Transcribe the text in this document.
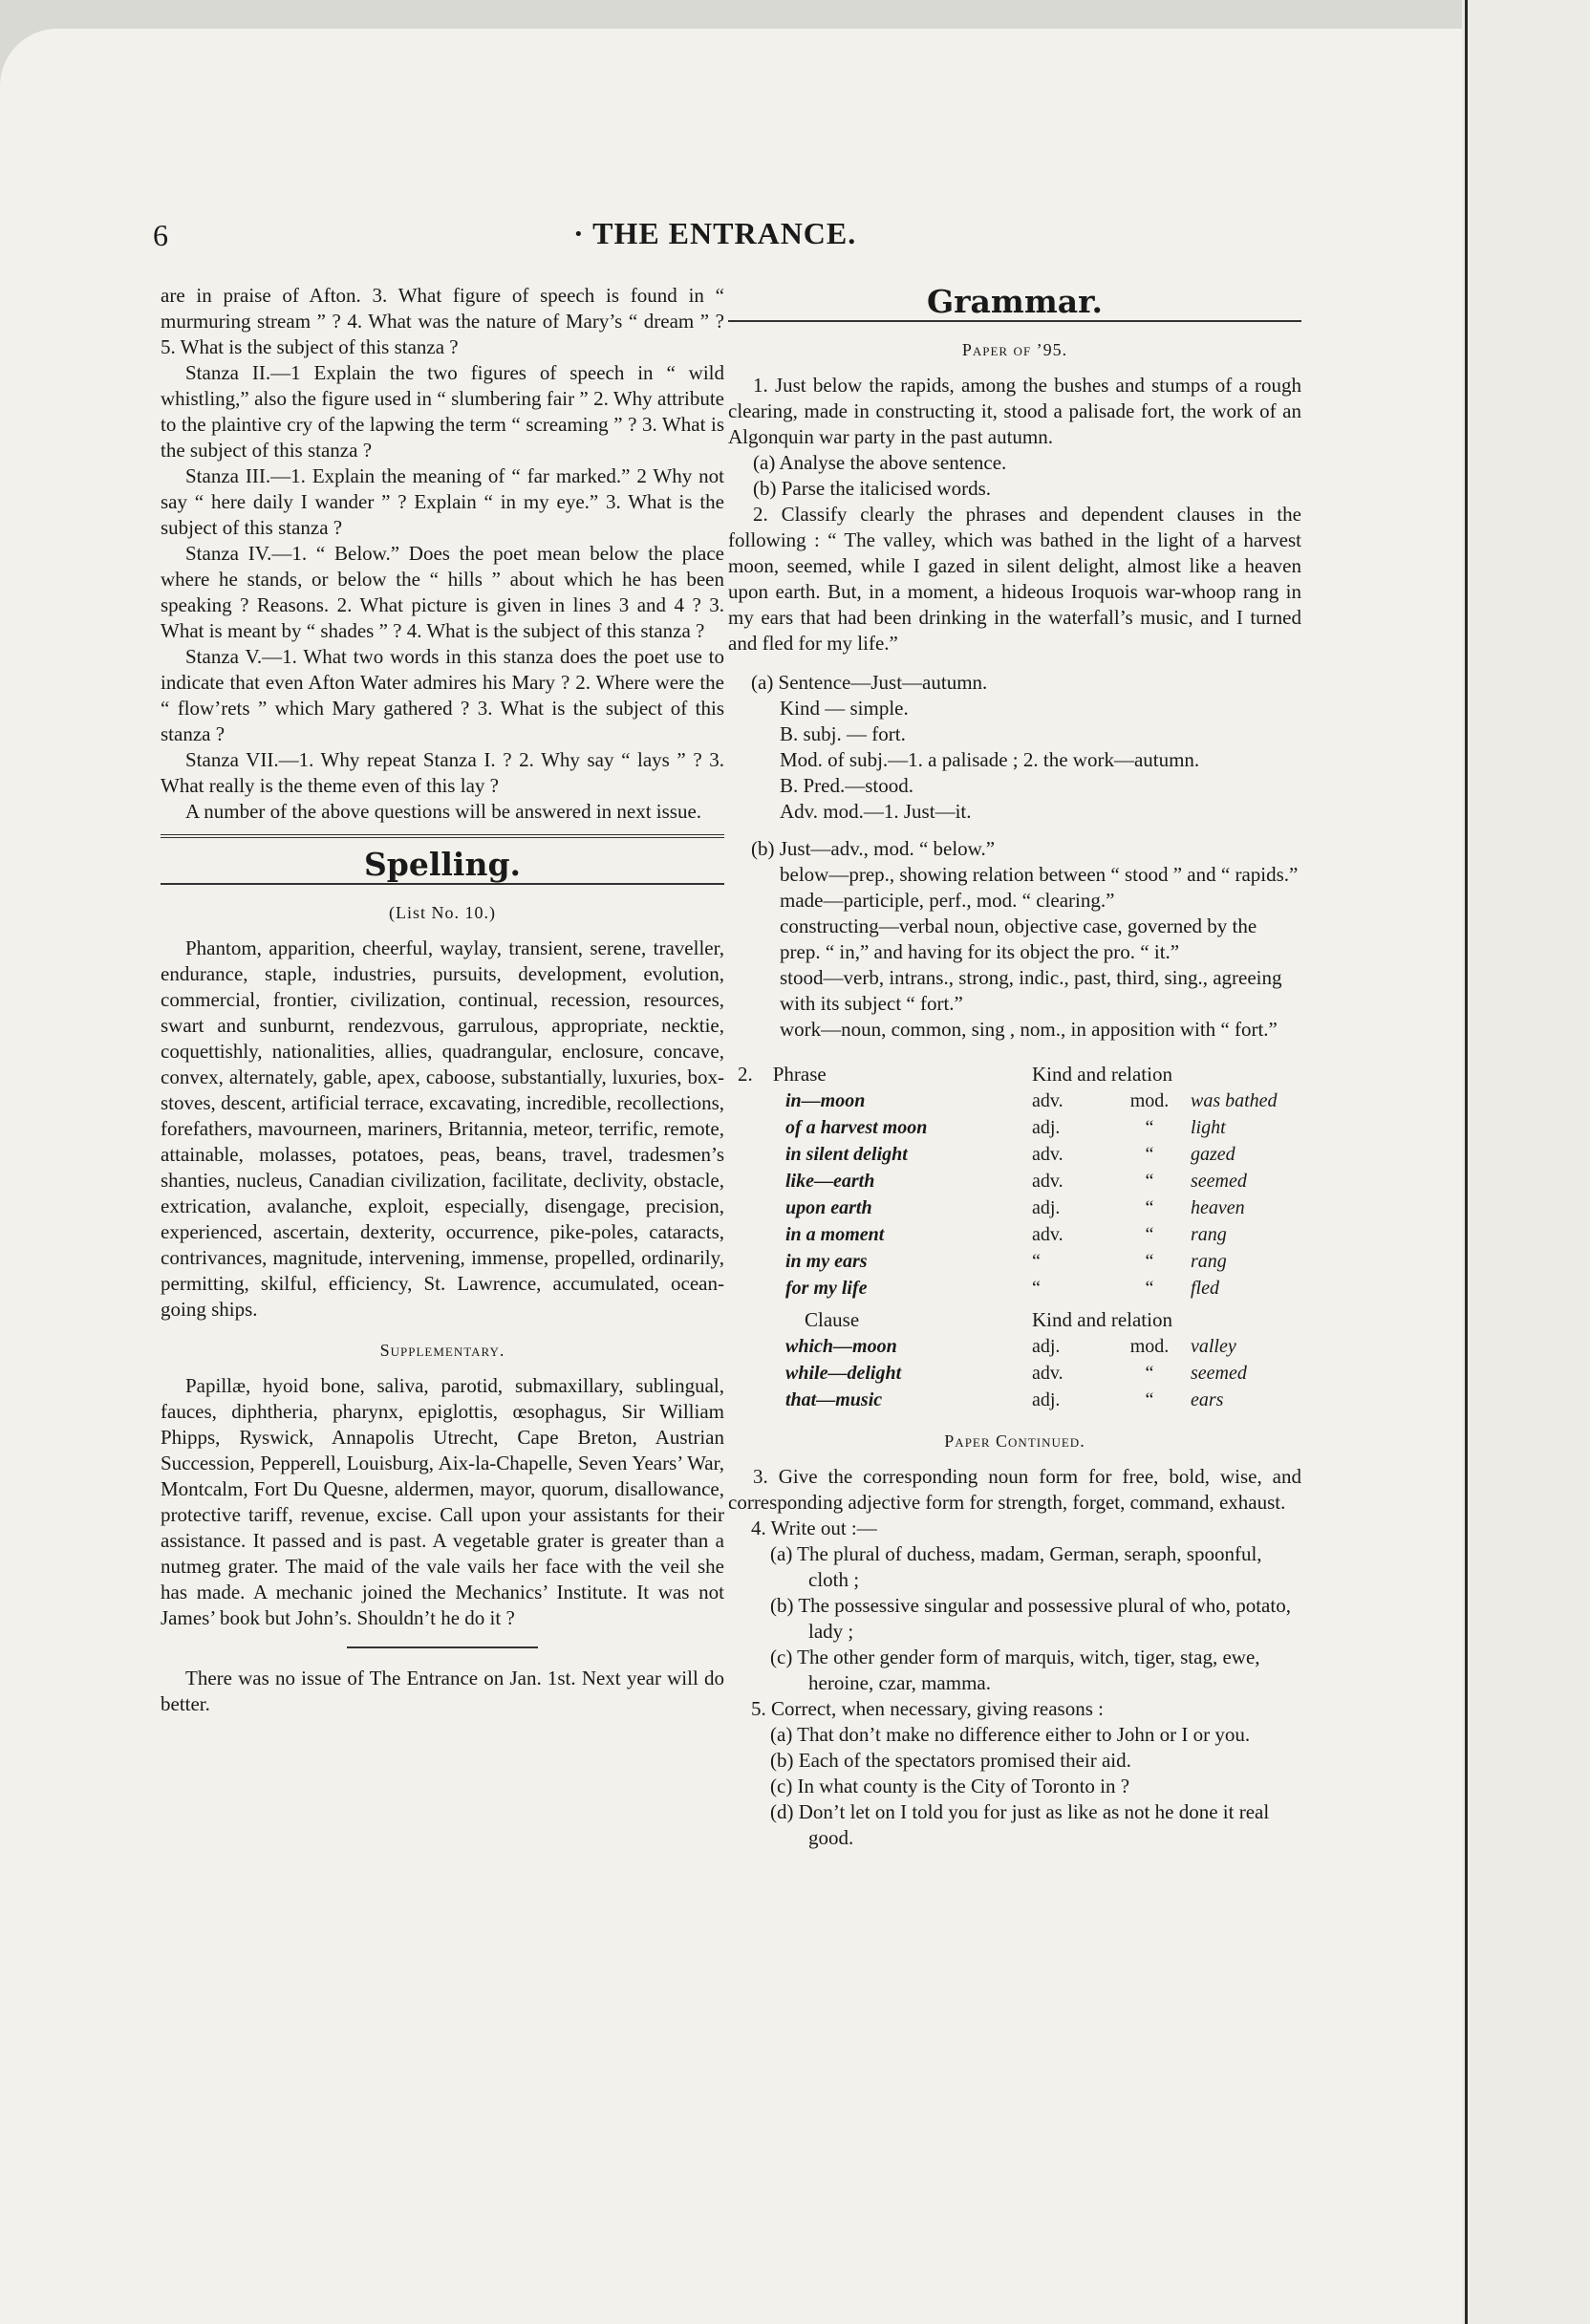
6	· THE ENTRANCE.

are in praise of Afton. 3. What figure of speech is found in “ murmuring stream ” ? 4. What was the nature of Mary’s “ dream ” ? 5. What is the subject of this stanza ?

Stanza II.—1 Explain the two figures of speech in “ wild whistling,” also the figure used in “ slumbering fair ” 2. Why attribute to the plaintive cry of the lapwing the term “ screaming ” ? 3. What is the subject of this stanza ?

Stanza III.—1. Explain the meaning of “ far marked.” 2 Why not say “ here daily I wander ” ? Explain “ in my eye.” 3. What is the subject of this stanza ?

Stanza IV.—1. “ Below.” Does the poet mean below the place where he stands, or below the “ hills ” about which he has been speaking ? Reasons. 2. What picture is given in lines 3 and 4 ? 3. What is meant by “ shades ” ? 4. What is the subject of this stanza ?

Stanza V.—1. What two words in this stanza does the poet use to indicate that even Afton Water admires his Mary ? 2. Where were the “ flow’rets ” which Mary gathered ? 3. What is the subject of this stanza ?

Stanza VII.—1. Why repeat Stanza I. ? 2. Why say “ lays ” ? 3. What really is the theme even of this lay ?

A number of the above questions will be answered in next issue.

Spelling.
(List No. 10.)

Phantom, apparition, cheerful, waylay, transient, serene, traveller, endurance, staple, industries, pursuits, development, evolution, commercial, frontier, civilization, continual, recession, resources, swart and sunburnt, rendezvous, garrulous, appropriate, necktie, coquettishly, nationalities, allies, quadrangular, enclosure, concave, convex, alternately, gable, apex, caboose, substantially, luxuries, box-stoves, descent, artificial terrace, excavating, incredible, recollections, forefathers, mavourneen, mariners, Britannia, meteor, terrific, remote, attainable, molasses, potatoes, peas, beans, travel, tradesmen’s shanties, nucleus, Canadian civilization, facilitate, declivity, obstacle, extrication, avalanche, exploit, especially, disengage, precision, experienced, ascertain, dexterity, occurrence, pike-poles, cataracts, contrivances, magnitude, intervening, immense, propelled, ordinarily, permitting, skilful, efficiency, St. Lawrence, accumulated, ocean-going ships.

Supplementary.

Papillæ, hyoid bone, saliva, parotid, submaxillary, sublingual, fauces, diphtheria, pharynx, epiglottis, œsophagus, Sir William Phipps, Ryswick, Annapolis Utrecht, Cape Breton, Austrian Succession, Pepperell, Louisburg, Aix-la-Chapelle, Seven Years’ War, Montcalm, Fort Du Quesne, aldermen, mayor, quorum, disallowance, protective tariff, revenue, excise. Call upon your assistants for their assistance. It passed and is past. A vegetable grater is greater than a nutmeg grater. The maid of the vale vails her face with the veil she has made. A mechanic joined the Mechanics’ Institute. It was not James’ book but John’s. Shouldn’t he do it ?

There was no issue of The Entrance on Jan. 1st. Next year will do better.

Grammar.
Paper of ’95.

1. Just below the rapids, among the bushes and stumps of a rough clearing, made in constructing it, stood a palisade fort, the work of an Algonquin war party in the past autumn.

(a) Analyse the above sentence.

(b) Parse the italicised words.

2. Classify clearly the phrases and dependent clauses in the following : “ The valley, which was bathed in the light of a harvest moon, seemed, while I gazed in silent delight, almost like a heaven upon earth. But, in a moment, a hideous Iroquois war-whoop rang in my ears that had been drinking in the waterfall’s music, and I turned and fled for my life.”

(a) Sentence—Just—autumn.

Kind — simple.

B. subj. — fort.

Mod. of subj.—1. a palisade ; 2. the work—autumn.

B. Pred.—stood.

Adv. mod.—1. Just—it.

(b) Just—adv., mod. “ below.”

below—prep., showing relation between “ stood ” and “ rapids.”

made—participle, perf., mod. “ clearing.”

constructing—verbal noun, objective case, governed by the prep. “ in,” and having for its object the pro. “ it.”

stood—verb, intrans., strong, indic., past, third, sing., agreeing with its subject “ fort.”

work—noun, common, sing , nom., in apposition with “ fort.”

2. Phrase	Kind and relation		
in—moon	adv.	mod.	was bathed
of a harvest moon	adj.	“	light
in silent delight	adv.	“	gazed
like—earth	adv.	“	seemed
upon earth	adj.	“	heaven
in a moment	adv.	“	rang
in my ears	“	“	rang
for my life	“	“	fled
Clause	Kind and relation		
which—moon	adj.	mod.	valley
while—delight	adv.	“	seemed
that—music	adj.	“	ears
Paper Continued.

3. Give the corresponding noun form for free, bold, wise, and corresponding adjective form for strength, forget, command, exhaust.

4. Write out :—

(a) The plural of duchess, madam, German, seraph, spoonful, cloth ;

(b) The possessive singular and possessive plural of who, potato, lady ;

(c) The other gender form of marquis, witch, tiger, stag, ewe, heroine, czar, mamma.

5. Correct, when necessary, giving reasons :

(a) That don’t make no difference either to John or I or you.

(b) Each of the spectators promised their aid.

(c) In what county is the City of Toronto in ?

(d) Don’t let on I told you for just as like as not he done it real good.
